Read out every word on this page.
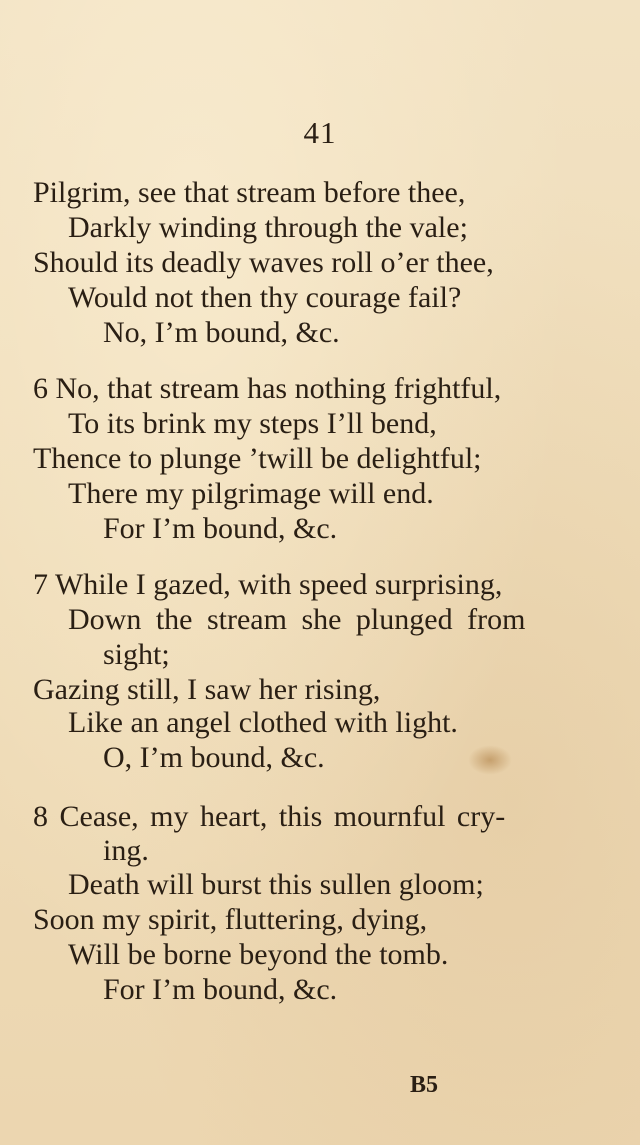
41
Pilgrim, see that stream before thee,
Darkly winding through the vale;
Should its deadly waves roll o’er thee,
Would not then thy courage fail?
No, I’m bound, &c.
6 No, that stream has nothing frightful,
To its brink my steps I’ll bend,
Thence to plunge ’twill be delightful;
There my pilgrimage will end.
For I’m bound, &c.
7 While I gazed, with speed surprising,
Down the stream she plunged from
sight;
Gazing still, I saw her rising,
Like an angel clothed with light.
O, I’m bound, &c.
8 Cease, my heart, this mournful cry-
ing.
Death will burst this sullen gloom;
Soon my spirit, fluttering, dying,
Will be borne beyond the tomb.
For I’m bound, &c.
B5
